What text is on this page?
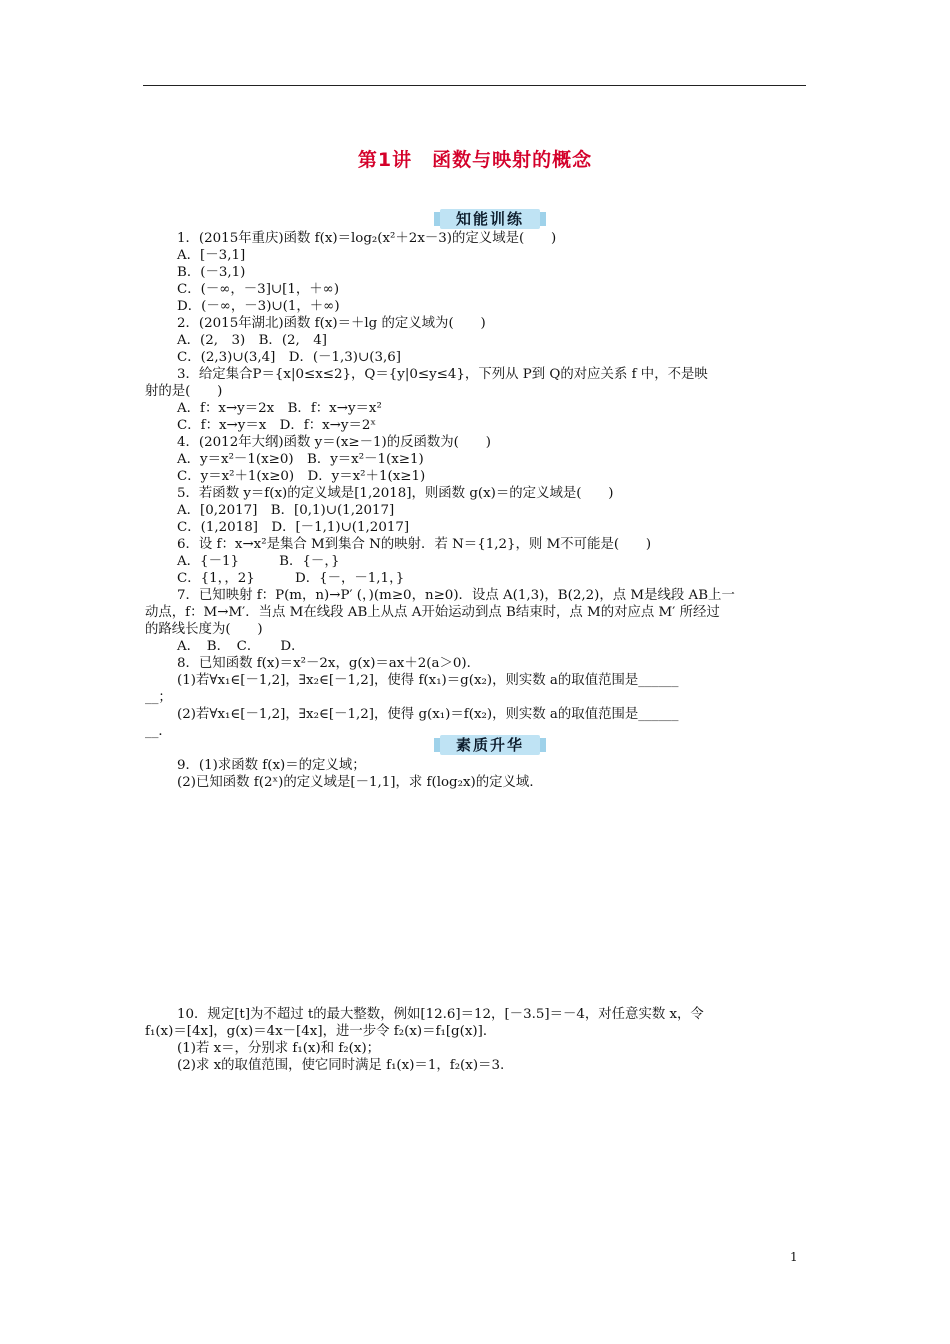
第1讲　函数与映射的概念
知能训练
1．(2015年重庆)函数 f(x)＝log₂(x²＋2x－3)的定义域是(　　)
A．[－3,1]
B．(－3,1)
C．(－∞，－3]∪[1，＋∞)
D．(－∞，－3)∪(1，＋∞)
2．(2015年湖北)函数 f(x)＝＋lg 的定义域为(　　)
A．(2,　3)　B．(2,　4]
C．(2,3)∪(3,4]　D．(－1,3)∪(3,6]
3．给定集合P＝{x|0≤x≤2}，Q＝{y|0≤y≤4}，下列从 P到 Q的对应关系 f 中，不是映
射的是(　　)
A．f：x→y＝2x　B．f：x→y＝x²
C．f：x→y＝x　D．f：x→y＝2ˣ
4．(2012年大纲)函数 y＝(x≥－1)的反函数为(　　)
A．y＝x²－1(x≥0)　B．y＝x²－1(x≥1)
C．y＝x²＋1(x≥0)　D．y＝x²＋1(x≥1)
5．若函数 y＝f(x)的定义域是[1,2018]，则函数 g(x)＝的定义域是(　　)
A．[0,2017]　B．[0,1)∪(1,2017]
C．(1,2018]　D．[－1,1)∪(1,2017]
6．设 f：x→x²是集合 M到集合 N的映射．若 N＝{1,2}，则 M不可能是(　　)
A．{－1}　　　B．{－，}
C．{1，，2}　　　D．{－，－1,1，}
7．已知映射 f：P(m，n)→P′ (，)(m≥0，n≥0)．设点 A(1,3)，B(2,2)，点 M是线段 AB上一
动点，f：M→M′．当点 M在线段 AB上从点 A开始运动到点 B结束时，点 M的对应点 M′ 所经过
的路线长度为(　　)
A．　B．　C．　　D．
8．已知函数 f(x)＝x²－2x，g(x)＝ax＋2(a＞0)．
(1)若∀x₁∈[－1,2]，∃x₂∈[－1,2]，使得 f(x₁)＝g(x₂)，则实数 a的取值范围是______
__；
(2)若∀x₁∈[－1,2]，∃x₂∈[－1,2]，使得 g(x₁)＝f(x₂)，则实数 a的取值范围是______
__．
素质升华
9．(1)求函数 f(x)＝的定义域；
(2)已知函数 f(2ˣ)的定义域是[－1,1]，求 f(log₂x)的定义域．
10．规定[t]为不超过 t的最大整数，例如[12.6]＝12，[－3.5]＝－4，对任意实数 x，令
f₁(x)＝[4x]，g(x)＝4x－[4x]，进一步令 f₂(x)＝f₁[g(x)]．
(1)若 x＝，分别求 f₁(x)和 f₂(x)；
(2)求 x的取值范围，使它同时满足 f₁(x)＝1，f₂(x)＝3.
1
